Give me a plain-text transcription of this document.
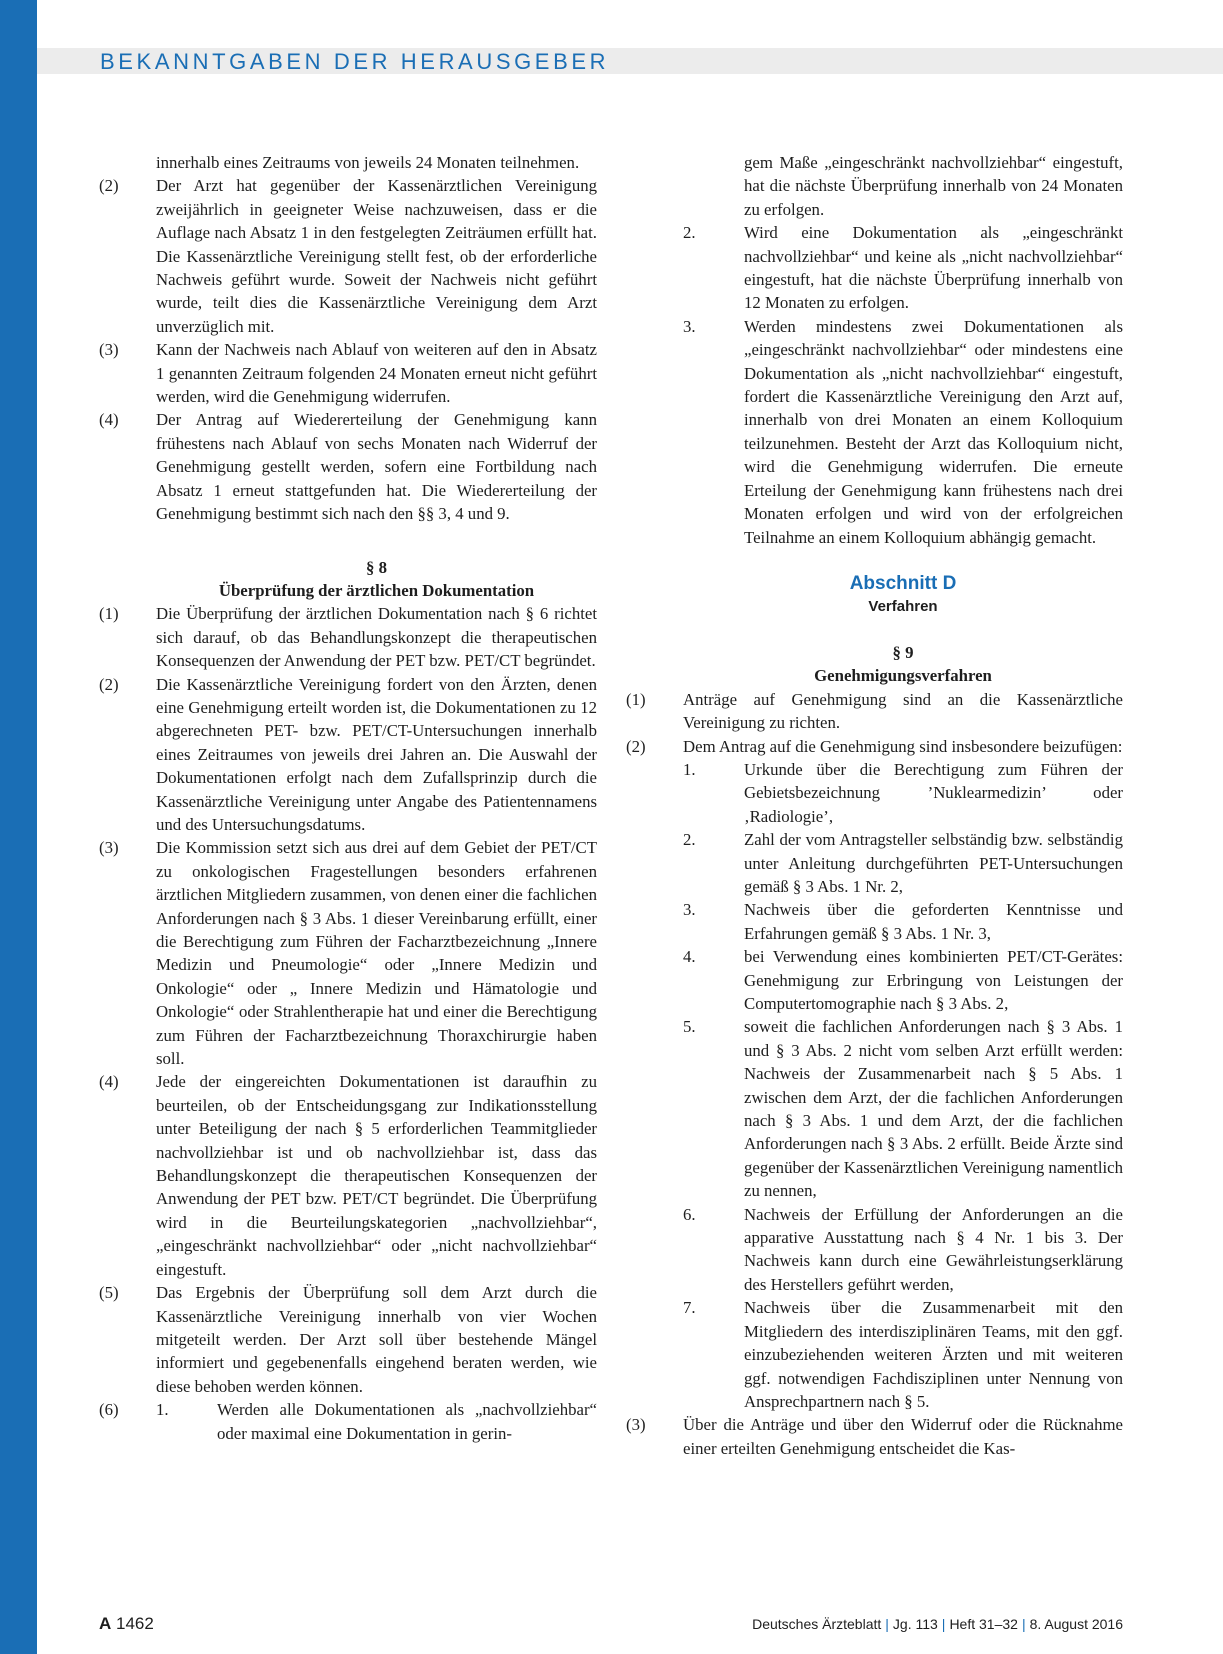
BEKANNTGABEN DER HERAUSGEBER
innerhalb eines Zeitraums von jeweils 24 Monaten teilnehmen.
(2)	Der Arzt hat gegenüber der Kassenärztlichen Vereinigung zweijährlich in geeigneter Weise nachzuweisen, dass er die Auflage nach Absatz 1 in den festgelegten Zeiträumen erfüllt hat. Die Kassenärztliche Vereinigung stellt fest, ob der erforderliche Nachweis geführt wurde. Soweit der Nachweis nicht geführt wurde, teilt dies die Kassenärztliche Vereinigung dem Arzt unverzüglich mit.
(3)	Kann der Nachweis nach Ablauf von weiteren auf den in Absatz 1 genannten Zeitraum folgenden 24 Monaten erneut nicht geführt werden, wird die Genehmigung widerrufen.
(4)	Der Antrag auf Wiedererteilung der Genehmigung kann frühestens nach Ablauf von sechs Monaten nach Widerruf der Genehmigung gestellt werden, sofern eine Fortbildung nach Absatz 1 erneut stattgefunden hat. Die Wiedererteilung der Genehmigung bestimmt sich nach den §§ 3, 4 und 9.
§ 8
Überprüfung der ärztlichen Dokumentation
(1)	Die Überprüfung der ärztlichen Dokumentation nach § 6 richtet sich darauf, ob das Behandlungskonzept die therapeutischen Konsequenzen der Anwendung der PET bzw. PET/CT begründet.
(2)	Die Kassenärztliche Vereinigung fordert von den Ärzten, denen eine Genehmigung erteilt worden ist, die Dokumentationen zu 12 abgerechneten PET- bzw. PET/CT-Untersuchungen innerhalb eines Zeitraumes von jeweils drei Jahren an. Die Auswahl der Dokumentationen erfolgt nach dem Zufallsprinzip durch die Kassenärztliche Vereinigung unter Angabe des Patientennamens und des Untersuchungsdatums.
(3)	Die Kommission setzt sich aus drei auf dem Gebiet der PET/CT zu onkologischen Fragestellungen besonders erfahrenen ärztlichen Mitgliedern zusammen, von denen einer die fachlichen Anforderungen nach § 3 Abs. 1 dieser Vereinbarung erfüllt, einer die Berechtigung zum Führen der Facharztbezeichnung „Innere Medizin und Pneumologie“ oder „Innere Medizin und Onkologie“ oder „ Innere Medizin und Hämatologie und Onkologie“ oder Strahlentherapie hat und einer die Berechtigung zum Führen der Facharztbezeichnung Thoraxchirurgie haben soll.
(4)	Jede der eingereichten Dokumentationen ist daraufhin zu beurteilen, ob der Entscheidungsgang zur Indikationsstellung unter Beteiligung der nach § 5 erforderlichen Teammitglieder nachvollziehbar ist und ob nachvollziehbar ist, dass das Behandlungskonzept die therapeutischen Konsequenzen der Anwendung der PET bzw. PET/CT begründet. Die Überprüfung wird in die Beurteilungskategorien „nachvollziehbar“, „eingeschränkt nachvollziehbar“ oder „nicht nachvollziehbar“ eingestuft.
(5)	Das Ergebnis der Überprüfung soll dem Arzt durch die Kassenärztliche Vereinigung innerhalb von vier Wochen mitgeteilt werden. Der Arzt soll über bestehende Mängel informiert und gegebenenfalls eingehend beraten werden, wie diese behoben werden können.
(6)	1.	Werden alle Dokumentationen als „nachvollziehbar“ oder maximal eine Dokumentation in gerin-
gem Maße „eingeschränkt nachvollziehbar“ eingestuft, hat die nächste Überprüfung innerhalb von 24 Monaten zu erfolgen.
2.	Wird eine Dokumentation als „eingeschränkt nachvollziehbar“ und keine als „nicht nachvollziehbar“ eingestuft, hat die nächste Überprüfung innerhalb von 12 Monaten zu erfolgen.
3.	Werden mindestens zwei Dokumentationen als „eingeschränkt nachvollziehbar“ oder mindestens eine Dokumentation als „nicht nachvollziehbar“ eingestuft, fordert die Kassenärztliche Vereinigung den Arzt auf, innerhalb von drei Monaten an einem Kolloquium teilzunehmen. Besteht der Arzt das Kolloquium nicht, wird die Genehmigung widerrufen. Die erneute Erteilung der Genehmigung kann frühestens nach drei Monaten erfolgen und wird von der erfolgreichen Teilnahme an einem Kolloquium abhängig gemacht.
Abschnitt D
Verfahren
§ 9
Genehmigungsverfahren
(1)	Anträge auf Genehmigung sind an die Kassenärztliche Vereinigung zu richten.
(2)	Dem Antrag auf die Genehmigung sind insbesondere beizufügen:
1.	Urkunde über die Berechtigung zum Führen der Gebietsbezeichnung ’Nuklearmedizin’ oder ‚Radiologie’,
2.	Zahl der vom Antragsteller selbständig bzw. selbständig unter Anleitung durchgeführten PET-Untersuchungen gemäß § 3 Abs. 1 Nr. 2,
3.	Nachweis über die geforderten Kenntnisse und Erfahrungen gemäß § 3 Abs. 1 Nr. 3,
4.	bei Verwendung eines kombinierten PET/CT-Gerätes: Genehmigung zur Erbringung von Leistungen der Computertomographie nach § 3 Abs. 2,
5.	soweit die fachlichen Anforderungen nach § 3 Abs. 1 und § 3 Abs. 2 nicht vom selben Arzt erfüllt werden: Nachweis der Zusammenarbeit nach § 5 Abs. 1 zwischen dem Arzt, der die fachlichen Anforderungen nach § 3 Abs. 1 und dem Arzt, der die fachlichen Anforderungen nach § 3 Abs. 2 erfüllt. Beide Ärzte sind gegenüber der Kassenärztlichen Vereinigung namentlich zu nennen,
6.	Nachweis der Erfüllung der Anforderungen an die apparative Ausstattung nach § 4 Nr. 1 bis 3. Der Nachweis kann durch eine Gewährleistungserklärung des Herstellers geführt werden,
7.	Nachweis über die Zusammenarbeit mit den Mitgliedern des interdisziplinären Teams, mit den ggf. einzubeziehenden weiteren Ärzten und mit weiteren ggf. notwendigen Fachdisziplinen unter Nennung von Ansprechpartnern nach § 5.
(3)	Über die Anträge und über den Widerruf oder die Rücknahme einer erteilten Genehmigung entscheidet die Kas-
A 1462	Deutsches Ärzteblatt | Jg. 113 | Heft 31–32 | 8. August 2016
